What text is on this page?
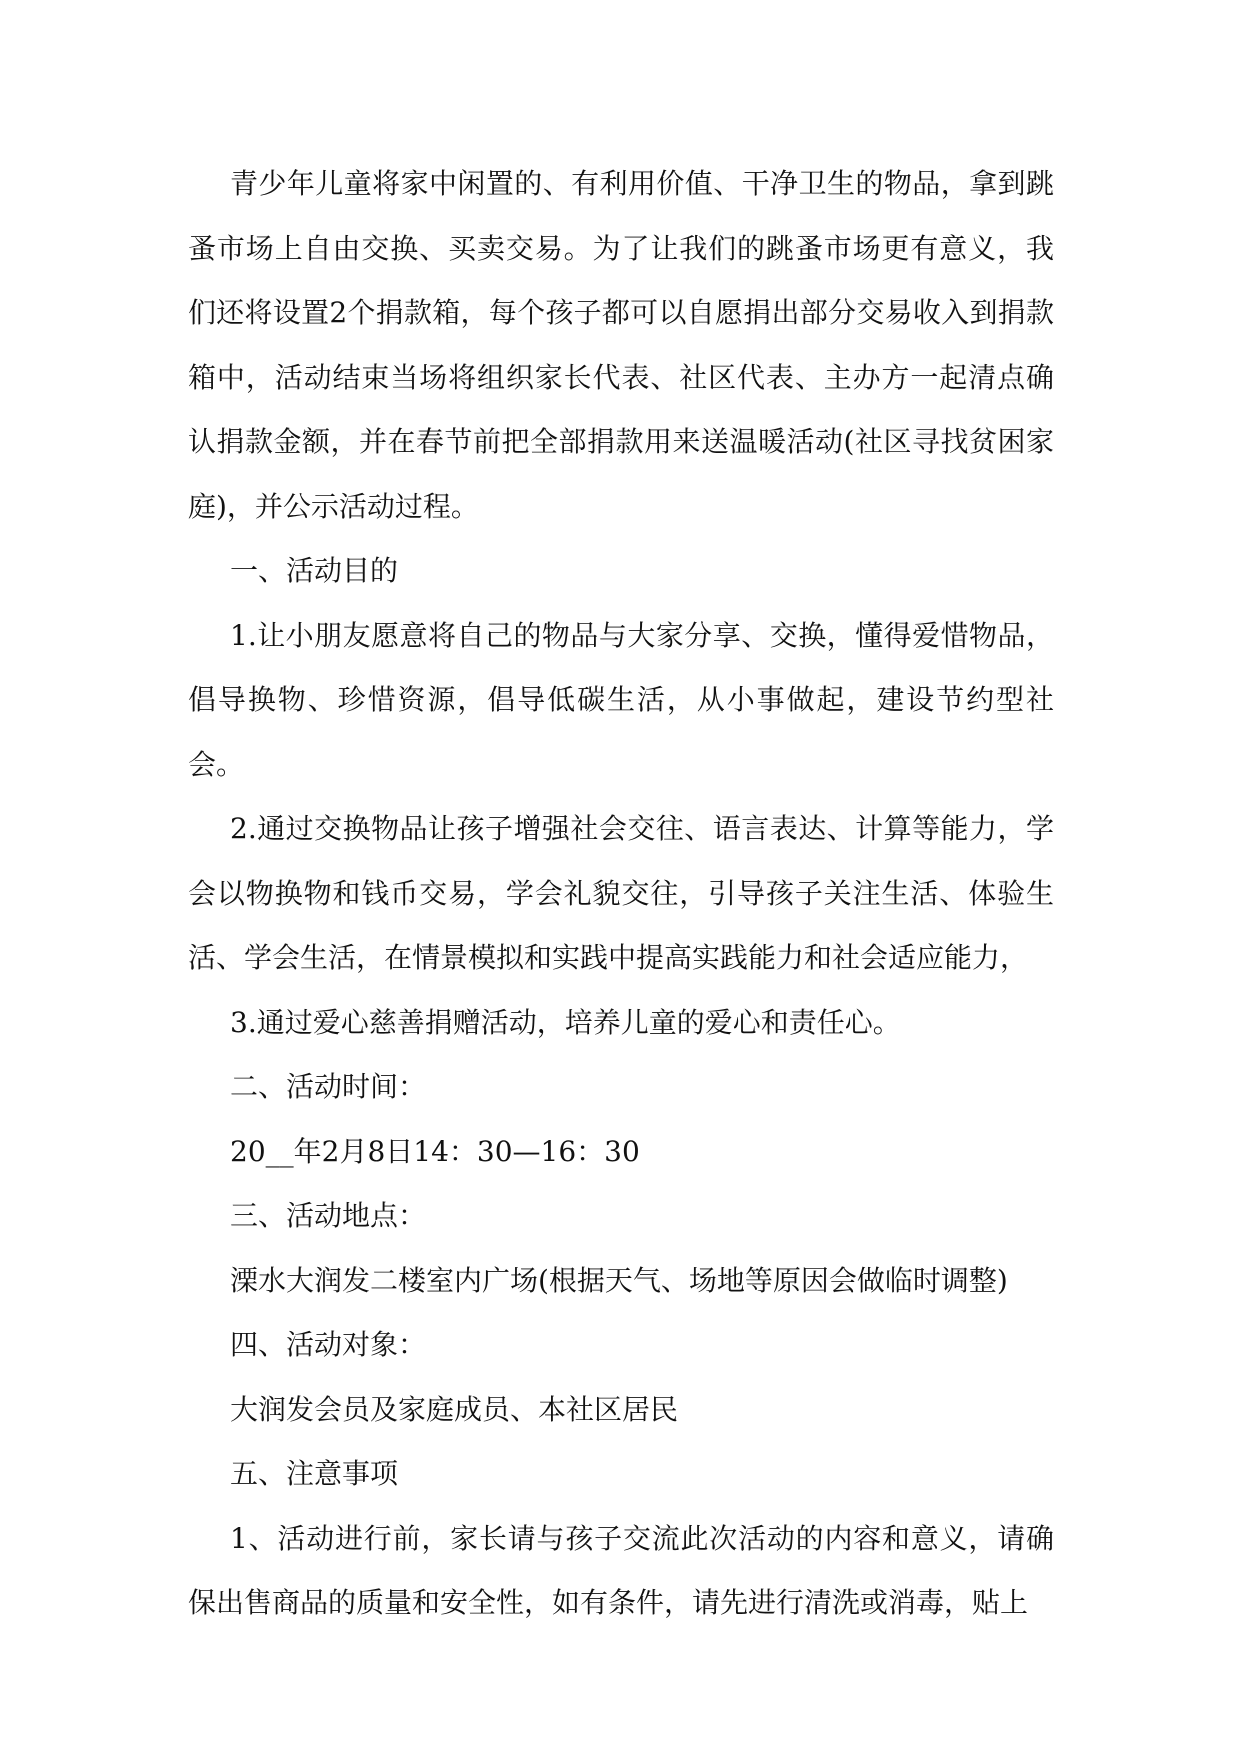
青少年儿童将家中闲置的、有利用价值、干净卫生的物品，拿到跳蚤市场上自由交换、买卖交易。为了让我们的跳蚤市场更有意义，我们还将设置2个捐款箱，每个孩子都可以自愿捐出部分交易收入到捐款箱中，活动结束当场将组织家长代表、社区代表、主办方一起清点确认捐款金额，并在春节前把全部捐款用来送温暖活动(社区寻找贫困家庭)，并公示活动过程。

一、活动目的

1.让小朋友愿意将自己的物品与大家分享、交换，懂得爱惜物品，倡导换物、珍惜资源，倡导低碳生活，从小事做起，建设节约型社会。

2.通过交换物品让孩子增强社会交往、语言表达、计算等能力，学会以物换物和钱币交易，学会礼貌交往，引导孩子关注生活、体验生活、学会生活，在情景模拟和实践中提高实践能力和社会适应能力，

3.通过爱心慈善捐赠活动，培养儿童的爱心和责任心。

二、活动时间：

20__年2月8日14：30—16：30

三、活动地点：

溧水大润发二楼室内广场(根据天气、场地等原因会做临时调整)

四、活动对象：

大润发会员及家庭成员、本社区居民

五、注意事项

1、活动进行前，家长请与孩子交流此次活动的内容和意义，请确保出售商品的质量和安全性，如有条件，请先进行清洗或消毒，贴上
